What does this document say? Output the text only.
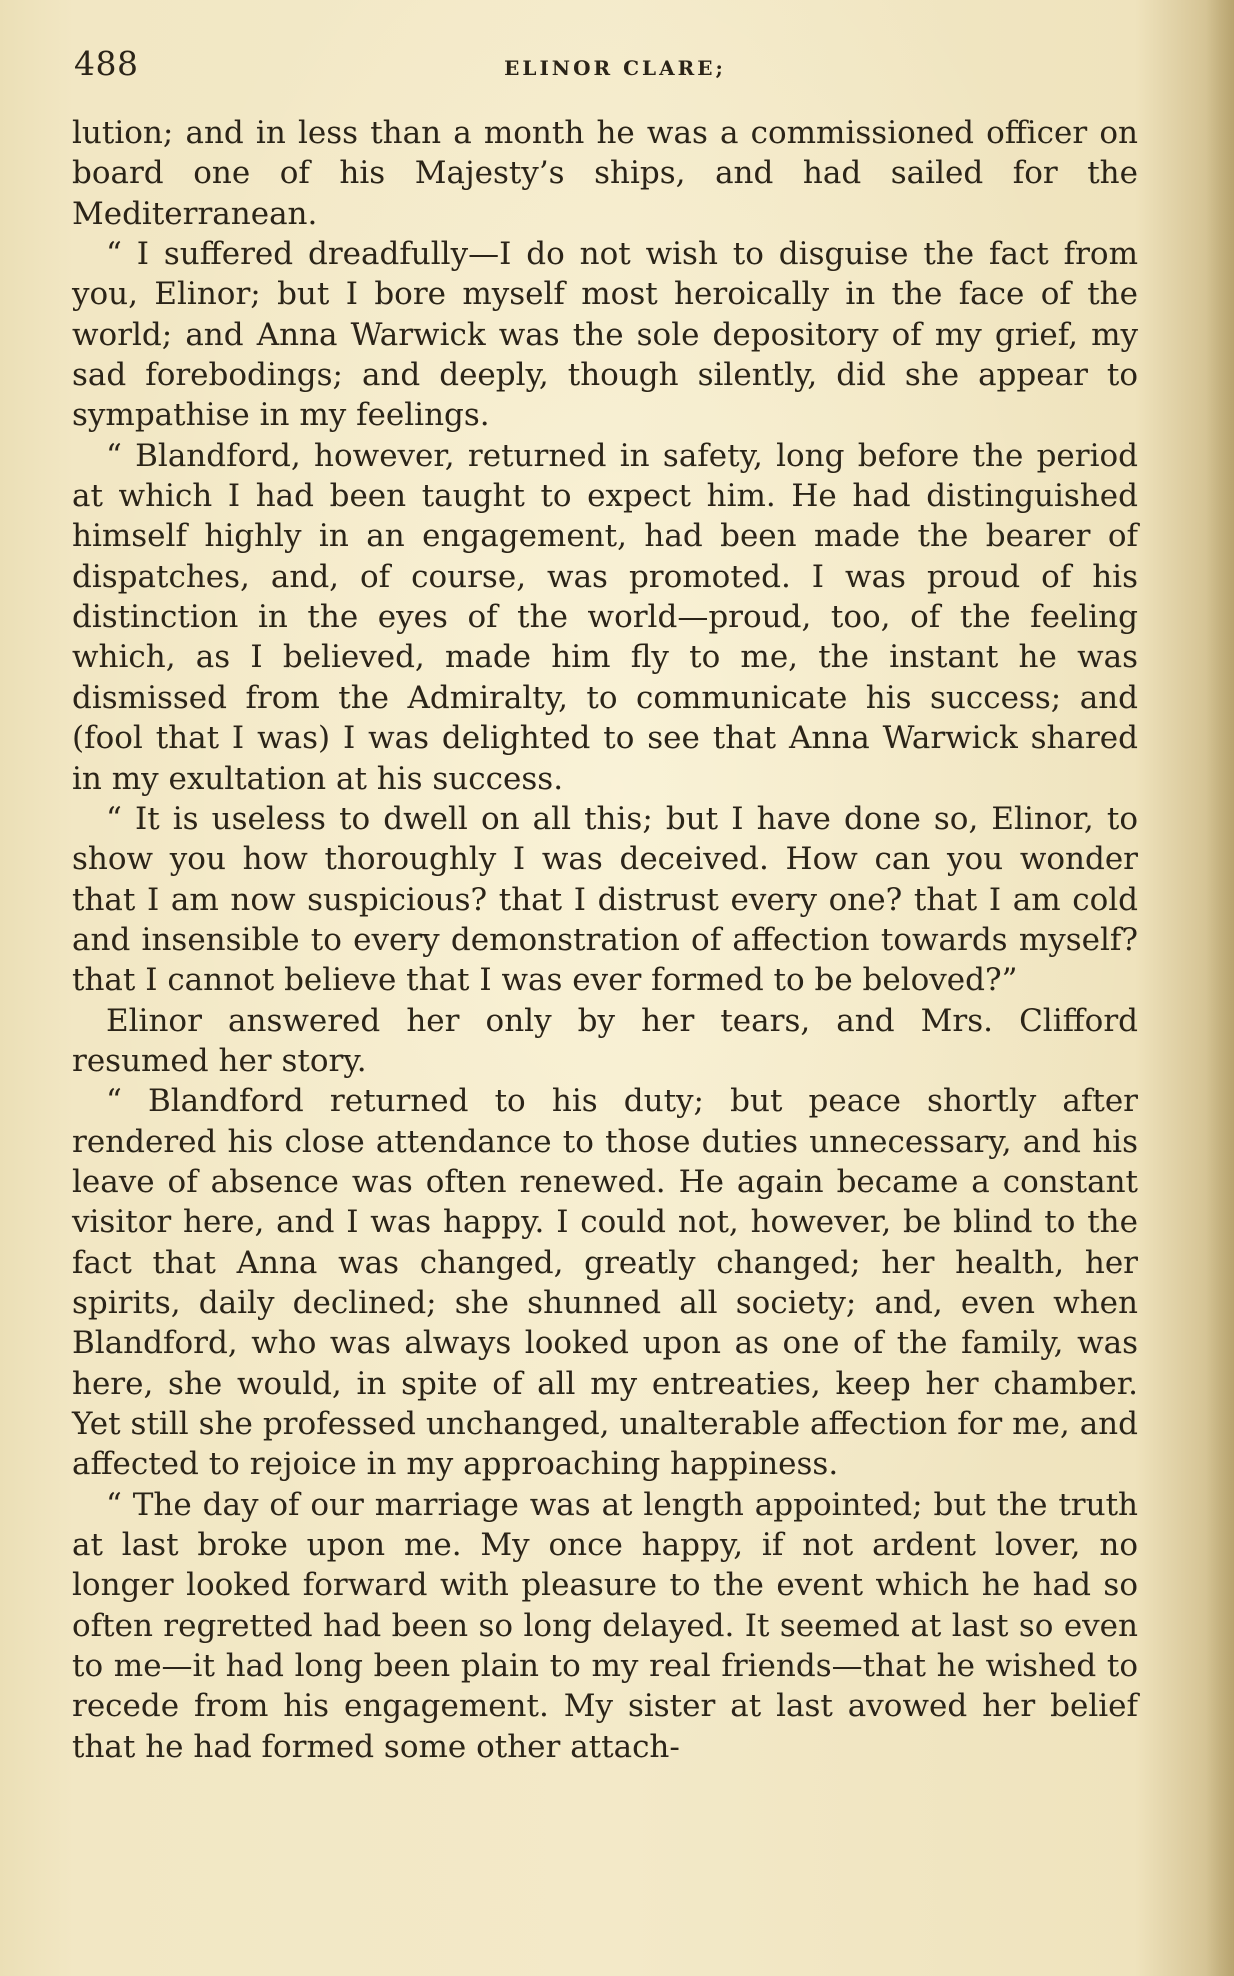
488	ELINOR CLARE;

lution; and in less than a month he was a commissioned officer on board one of his Majesty’s ships, and had sailed for the Mediterranean.

“ I suffered dreadfully—I do not wish to disguise the fact from you, Elinor; but I bore myself most heroically in the face of the world; and Anna Warwick was the sole depository of my grief, my sad forebodings; and deeply, though silently, did she appear to sympathise in my feelings.

“ Blandford, however, returned in safety, long before the period at which I had been taught to expect him. He had distinguished himself highly in an engagement, had been made the bearer of dispatches, and, of course, was promoted. I was proud of his distinction in the eyes of the world—proud, too, of the feeling which, as I believed, made him fly to me, the instant he was dismissed from the Admiralty, to communicate his success; and (fool that I was) I was delighted to see that Anna Warwick shared in my exultation at his success.

“ It is useless to dwell on all this; but I have done so, Elinor, to show you how thoroughly I was deceived. How can you wonder that I am now suspicious? that I distrust every one? that I am cold and insensible to every demonstration of affection towards myself? that I cannot believe that I was ever formed to be beloved?”

Elinor answered her only by her tears, and Mrs. Clifford resumed her story.

“ Blandford returned to his duty; but peace shortly after rendered his close attendance to those duties unnecessary, and his leave of absence was often renewed. He again became a constant visitor here, and I was happy. I could not, however, be blind to the fact that Anna was changed, greatly changed; her health, her spirits, daily declined; she shunned all society; and, even when Blandford, who was always looked upon as one of the family, was here, she would, in spite of all my entreaties, keep her chamber. Yet still she professed unchanged, unalterable affection for me, and affected to rejoice in my approaching happiness.

“ The day of our marriage was at length appointed; but the truth at last broke upon me. My once happy, if not ardent lover, no longer looked forward with pleasure to the event which he had so often regretted had been so long delayed. It seemed at last so even to me—it had long been plain to my real friends—that he wished to recede from his engagement. My sister at last avowed her belief that he had formed some other attach-
